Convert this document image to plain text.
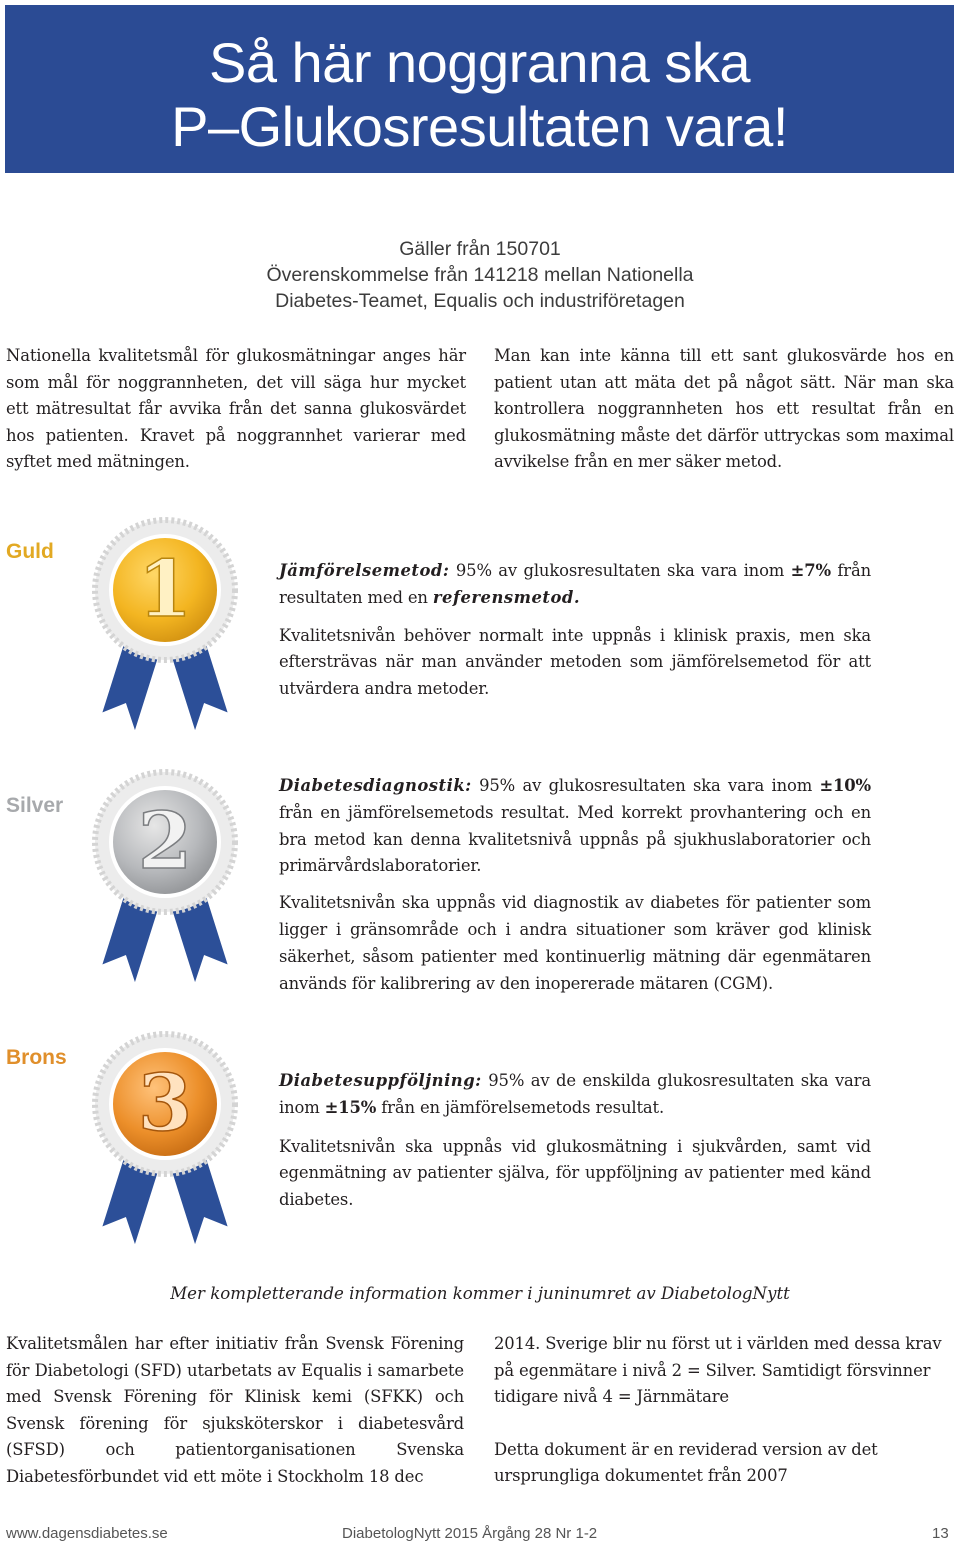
Så här noggranna ska
P–Glukosresultaten vara!
Gäller från 150701
Överenskommelse från 141218 mellan Nationella
Diabetes-Teamet, Equalis och industriföretagen

Nationella kvalitetsmål för glukosmätningar anges här som mål för noggrannheten, det vill säga hur mycket ett mätresultat får avvika från det sanna glukosvärdet hos patienten. Kravet på noggrannhet varierar med syftet med mätningen.

Man kan inte känna till ett sant glukosvärde hos en patient utan att mäta det på något sätt. När man ska kontrollera noggrannheten hos ett resultat från en glukosmätning måste det därför uttryckas som maximal avvikelse från en mer säker metod.

Guld 1	Jämförelsemetod: 95% av glukosresultaten ska vara inom ±7% från resultaten med en referensmetod.

Kvalitetsnivån behöver normalt inte uppnås i klinisk praxis, men ska eftersträvas när man använder metoden som jämförelsemetod för att utvärdera andra metoder.

Silver 2

Diabetesdiagnostik: 95% av glukosresultaten ska vara inom ±10% från en jämförelsemetods resultat. Med korrekt provhantering och en bra metod kan denna kvalitetsnivå uppnås på sjukhuslaboratorier och primärvårdslaboratorier.

Kvalitetsnivån ska uppnås vid diagnostik av diabetes för patienter som ligger i gränsområde och i andra situationer som kräver god klinisk säkerhet, såsom patienter med kontinuerlig mätning där egenmätaren används för kalibrering av den inopererade mätaren (CGM).

Brons
3	Diabetesuppföljning: 95% av de enskilda glukosresultaten ska vara inom ±15% från en jämförelsemetods resultat.

Kvalitetsnivån ska uppnås vid glukosmätning i sjukvården, samt vid egenmätning av patienter själva, för uppföljning av patienter med känd diabetes.

Mer kompletterande information kommer i juninumret av DiabetologNytt

Kvalitetsmålen har efter initiativ från Svensk Förening för Diabetologi (SFD) utarbetats av Equalis i samarbete med Svensk Förening för Klinisk kemi (SFKK) och Svensk förening för sjuksköterskor i diabetesvård (SFSD) och patientorganisationen Svenska Diabetesförbundet vid ett möte i Stockholm 18 dec

2014. Sverige blir nu först ut i världen med dessa krav på egenmätare i nivå 2 = Silver. Samtidigt försvinner tidigare nivå 4 = Järnmätare

Detta dokument är en reviderad version av det ursprungliga dokumentet från 2007

www.dagensdiabetes.se	DiabetologNytt 2015 Årgång 28 Nr 1-2	13
